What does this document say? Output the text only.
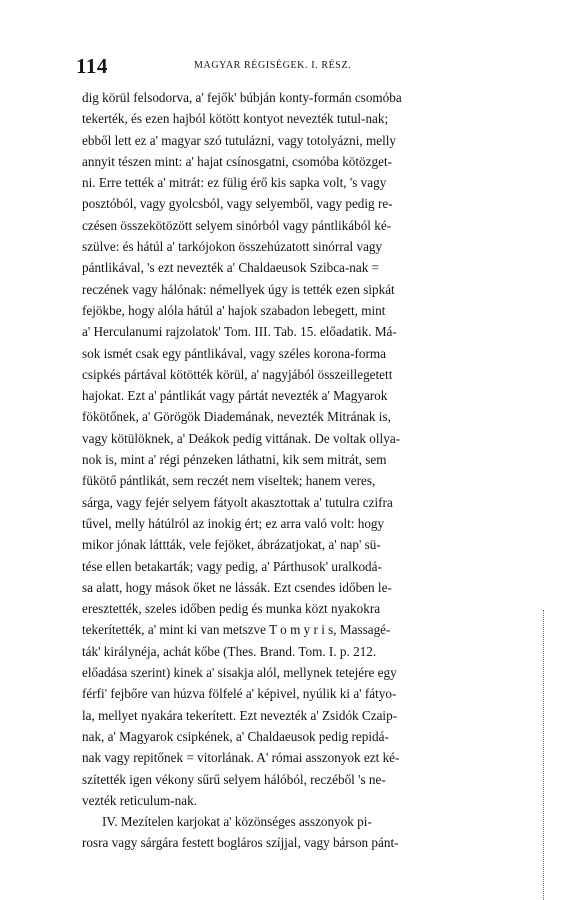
114	MAGYAR RÉGISÉGEK. I. RÉSZ.
dig körül felsodorva, a' fejők' búbján konty-formán csomóba
tekerték, és ezen hajból kötött kontyot nevezték tutul-nak;
ebből lett ez a' magyar szó tutulázni, vagy totolyázni, melly
annyit tészen mint: a' hajat csínosgatni, csomóba kötözget-
ni. Erre tették a' mitrát: ez fülig érő kis sapka volt, 's vagy
posztóból, vagy gyolcsból, vagy selyemből, vagy pedig re-
czésen összekötözött selyem sinórból vagy pántlikából ké-
szülve: és hátúl a' tarkójokon összehúzatott sinórral vagy
pántlikával, 's ezt nevezték a' Chaldaeusok Szibca-nak =
reczének vagy hálónak: némellyek úgy is tették ezen sipkát
fejökbe, hogy alóla hátúl a' hajok szabadon lebegett, mint
a' Herculanumi rajzolatok' Tom. III. Tab. 15. előadatik. Má-
sok ismét csak egy pántlikával, vagy széles korona-forma
csipkés pártával kötötték körül, a' nagyjából összeillegetett
hajokat. Ezt a' pántlikát vagy pártát nevezték a' Magyarok
fökötőnek, a' Görögök Diademának, nevezték Mitrának is,
vagy kötülöknek, a' Deákok pedig vittának. De voltak ollya-
nok is, mint a' régi pénzeken láthatni, kik sem mitrát, sem
fükötő pántlikát, sem reczét nem viseltek; hanem veres,
sárga, vagy fejér selyem fátyolt akasztottak a' tutulra czifra
tűvel, melly hátúlról az inokig ért; ez arra való volt: hogy
mikor jónak láttták, vele fejöket, ábrázatjokat, a' nap' sü-
tése ellen betakarták; vagy pedig, a' Párthusok' uralkodá-
sa alatt, hogy mások őket ne lássák. Ezt csendes időben le-
eresztették, szeles időben pedig és munka közt nyakokra
tekerítették, a' mint ki van metszve T o m y r i s, Massagé-
ták' királynéja, achát kőbe (Thes. Brand. Tom. I. p. 212.
előadása szerint) kinek a' sisakja alól, mellynek tetejére egy
férfi' fejbőre van húzva fölfelé a' képivel, nyúlik ki a' fátyo-
la, mellyet nyakára tekerített. Ezt nevezték a' Zsidók Czaip-
nak, a' Magyarok csipkének, a' Chaldaeusok pedig repidá-
nak vagy repitőnek = vitorlának. A' római asszonyok ezt ké-
szítették igen vékony sűrű selyem hálóból, reczéből 's ne-
vezték reticulum-nak.
IV. Mezítelen karjokat a' közönséges asszonyok pi-
rosra vagy sárgára festett bogláros szíjjal, vagy bárson pánt-
